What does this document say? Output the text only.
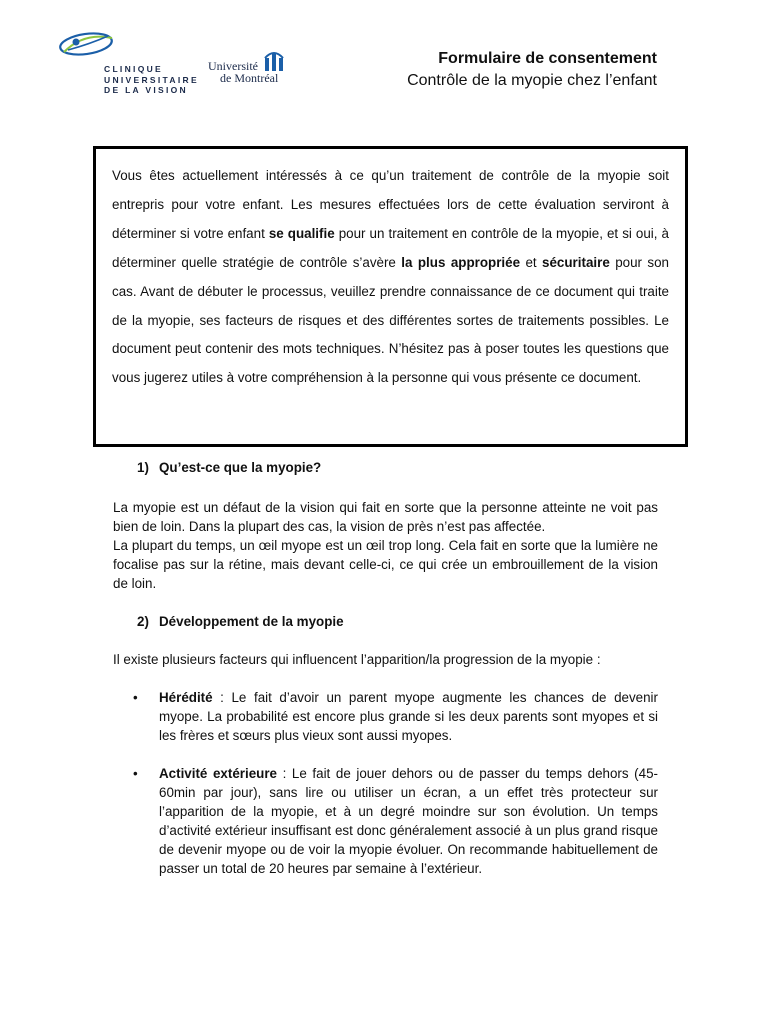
CLINIQUE
UNIVERSITAIRE
DE LA VISION
Université
de Montréal
Formulaire de consentement
Contrôle de la myopie chez l’enfant

Vous êtes actuellement intéressés à ce qu’un traitement de contrôle de la myopie soit entrepris pour votre enfant. Les mesures effectuées lors de cette évaluation serviront à déterminer si votre enfant se qualifie pour un traitement en contrôle de la myopie, et si oui, à déterminer quelle stratégie de contrôle s’avère la plus appropriée et sécuritaire pour son cas. Avant de débuter le processus, veuillez prendre connaissance de ce document qui traite de la myopie, ses facteurs de risques et des différentes sortes de traitements possibles. Le document peut contenir des mots techniques. N’hésitez pas à poser toutes les questions que vous jugerez utiles à votre compréhension à la personne qui vous présente ce document.

1) Qu’est-ce que la myopie?

La myopie est un défaut de la vision qui fait en sorte que la personne atteinte ne voit pas bien de loin. Dans la plupart des cas, la vision de près n’est pas affectée.

La plupart du temps, un œil myope est un œil trop long. Cela fait en sorte que la lumière ne focalise pas sur la rétine, mais devant celle-ci, ce qui crée un embrouillement de la vision de loin.

2) Développement de la myopie

Il existe plusieurs facteurs qui influencent l’apparition/la progression de la myopie :

• Hérédité : Le fait d’avoir un parent myope augmente les chances de devenir myope. La probabilité est encore plus grande si les deux parents sont myopes et si les frères et sœurs plus vieux sont aussi myopes.
• Activité extérieure : Le fait de jouer dehors ou de passer du temps dehors (45-60min par jour), sans lire ou utiliser un écran, a un effet très protecteur sur l’apparition de la myopie, et à un degré moindre sur son évolution. Un temps d’activité extérieur insuffisant est donc généralement associé à un plus grand risque de devenir myope ou de voir la myopie évoluer. On recommande habituellement de passer un total de 20 heures par semaine à l’extérieur.
